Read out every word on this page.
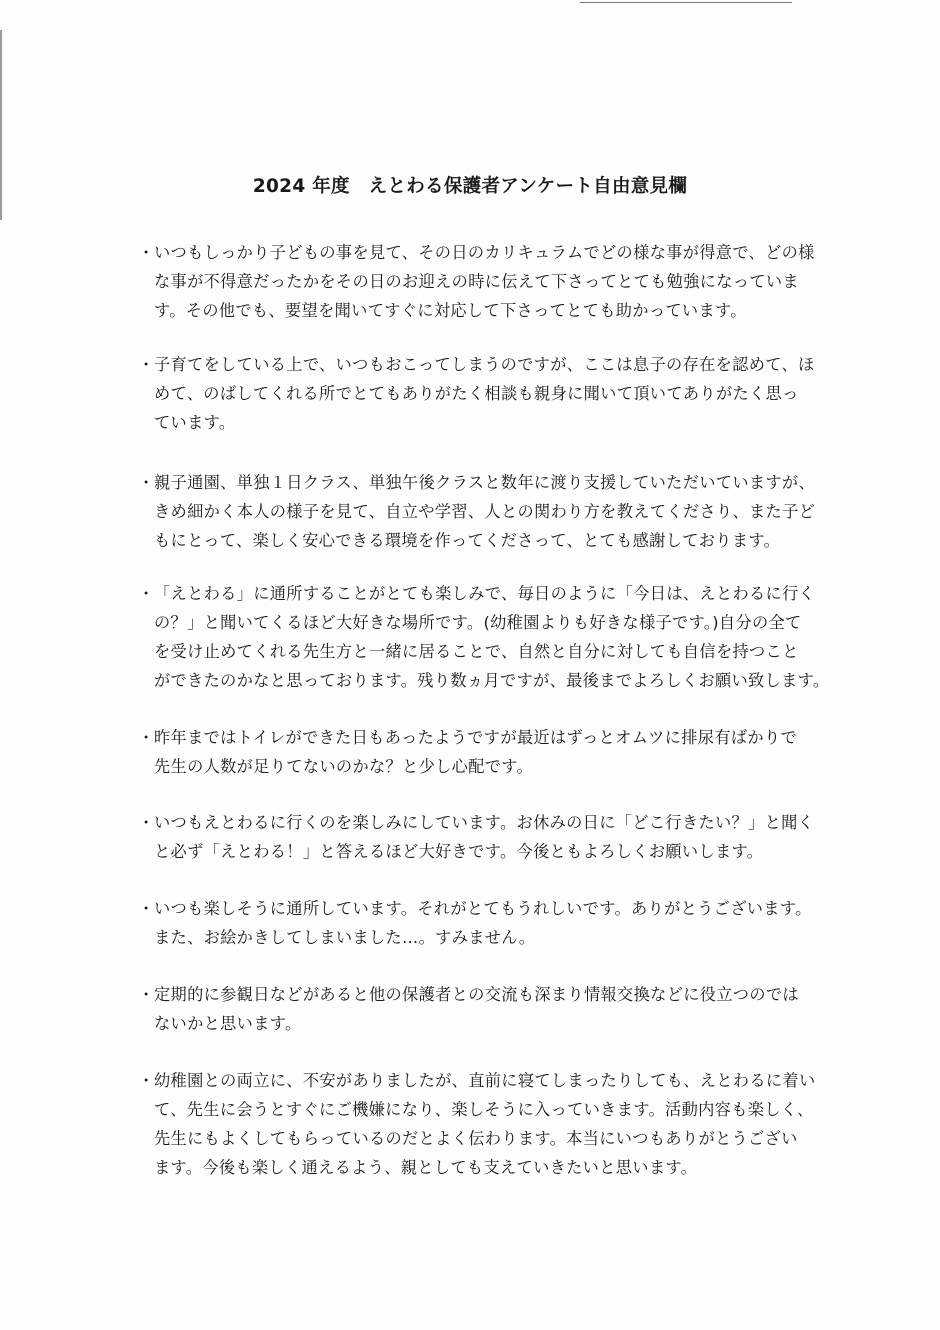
2024 年度　えとわる保護者アンケート自由意見欄
・ いつもしっかり子どもの事を見て、その日のカリキュラムでどの様な事が得意で、どの様
な事が不得意だったかをその日のお迎えの時に伝えて下さってとても勉強になっていま
す。その他でも、要望を聞いてすぐに対応して下さってとても助かっています。
・ 子育てをしている上で、いつもおこってしまうのですが、ここは息子の存在を認めて、ほ
めて、のばしてくれる所でとてもありがたく相談も親身に聞いて頂いてありがたく思っ
ています。
・ 親子通園、単独１日クラス、単独午後クラスと数年に渡り支援していただいていますが、
きめ細かく本人の様子を見て、自立や学習、人との関わり方を教えてくださり、また子ど
もにとって、楽しく安心できる環境を作ってくださって、とても感謝しております。
・ 「えとわる」に通所することがとても楽しみで、毎日のように「今日は、えとわるに行く
の？」と聞いてくるほど大好きな場所です。(幼稚園よりも好きな様子です。)自分の全て
を受け止めてくれる先生方と一緒に居ることで、自然と自分に対しても自信を持つこと
ができたのかなと思っております。残り数ヵ月ですが、最後までよろしくお願い致します。
・ 昨年まではトイレができた日もあったようですが最近はずっとオムツに排尿有ばかりで
先生の人数が足りてないのかな？と少し心配です。
・ いつもえとわるに行くのを楽しみにしています。お休みの日に「どこ行きたい？」と聞く
と必ず「えとわる！」と答えるほど大好きです。今後ともよろしくお願いします。
・ いつも楽しそうに通所しています。それがとてもうれしいです。ありがとうございます。
また、お絵かきしてしまいました…。すみません。
・ 定期的に参観日などがあると他の保護者との交流も深まり情報交換などに役立つのでは
ないかと思います。
・ 幼稚園との両立に、不安がありましたが、直前に寝てしまったりしても、えとわるに着い
て、先生に会うとすぐにご機嫌になり、楽しそうに入っていきます。活動内容も楽しく、
先生にもよくしてもらっているのだとよく伝わります。本当にいつもありがとうござい
ます。今後も楽しく通えるよう、親としても支えていきたいと思います。
